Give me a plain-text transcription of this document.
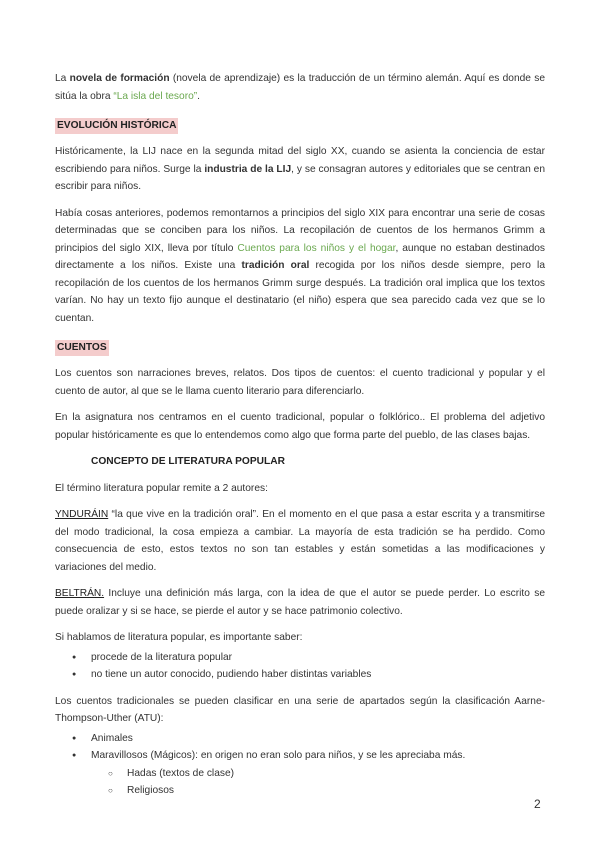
La novela de formación (novela de aprendizaje) es la traducción de un término alemán. Aquí es donde se sitúa la obra “La isla del tesoro”.

EVOLUCIÓN HISTÓRICA

Históricamente, la LIJ nace en la segunda mitad del siglo XX, cuando se asienta la conciencia de estar escribiendo para niños. Surge la industria de la LIJ, y se consagran autores y editoriales que se centran en escribir para niños.

Había cosas anteriores, podemos remontarnos a principios del siglo XIX para encontrar una serie de cosas determinadas que se conciben para los niños. La recopilación de cuentos de los hermanos Grimm a principios del siglo XIX, lleva por título Cuentos para los niños y el hogar, aunque no estaban destinados directamente a los niños. Existe una tradición oral recogida por los niños desde siempre, pero la recopilación de los cuentos de los hermanos Grimm surge después. La tradición oral implica que los textos varían. No hay un texto fijo aunque el destinatario (el niño) espera que sea parecido cada vez que se lo cuentan.

CUENTOS

Los cuentos son narraciones breves, relatos. Dos tipos de cuentos: el cuento tradicional y popular y el cuento de autor, al que se le llama cuento literario para diferenciarlo.

En la asignatura nos centramos en el cuento tradicional, popular o folklórico.. El problema del adjetivo popular históricamente es que lo entendemos como algo que forma parte del pueblo, de las clases bajas.

CONCEPTO DE LITERATURA POPULAR

El término literatura popular remite a 2 autores:

YNDURÁIN “la que vive en la tradición oral”. En el momento en el que pasa a estar escrita y a transmitirse del modo tradicional, la cosa empieza a cambiar. La mayoría de esta tradición se ha perdido. Como consecuencia de esto, estos textos no son tan estables y están sometidas a las modificaciones y variaciones del medio.

BELTRÁN. Incluye una definición más larga, con la idea de que el autor se puede perder. Lo escrito se puede oralizar y si se hace, se pierde el autor y se hace patrimonio colectivo.

Si hablamos de literatura popular, es importante saber:

● procede de la literatura popular
● no tiene un autor conocido, pudiendo haber distintas variables

Los cuentos tradicionales se pueden clasificar en una serie de apartados según la clasificación Aarne-Thompson-Uther (ATU):

● Animales
● Maravillosos (Mágicos): en origen no eran solo para niños, y se les apreciaba más.
○ Hadas (textos de clase)
○ Religiosos
2
